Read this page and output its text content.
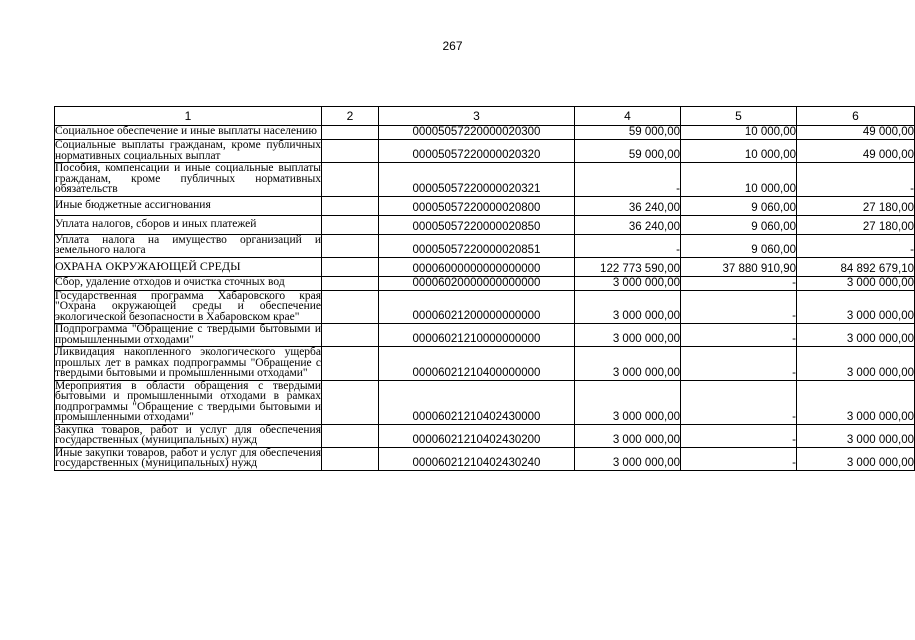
267
1	2	3	4	5	6
Социальное обеспечение и иные выплаты населению		00005057220000020300	59 000,00	10 000,00	49 000,00
Социальные выплаты гражданам, кроме публичных нормативных социальных выплат		00005057220000020320	59 000,00	10 000,00	49 000,00
Пособия, компенсации и иные социальные выплаты гражданам, кроме публичных нормативных обязательств		00005057220000020321	-	10 000,00	-
Иные бюджетные ассигнования		00005057220000020800	36 240,00	9 060,00	27 180,00
Уплата налогов, сборов и иных платежей		00005057220000020850	36 240,00	9 060,00	27 180,00
Уплата налога на имущество организаций и земельного налога		00005057220000020851	-	9 060,00	-
ОХРАНА ОКРУЖАЮЩЕЙ СРЕДЫ		00006000000000000000	122 773 590,00	37 880 910,90	84 892 679,10
Сбор, удаление отходов и очистка сточных вод		00006020000000000000	3 000 000,00	-	3 000 000,00
Государственная программа Хабаровского края "Охрана окружающей среды и обеспечение экологической безопасности в Хабаровском крае"		00006021200000000000	3 000 000,00	-	3 000 000,00
Подпрограмма "Обращение с твердыми бытовыми и промышленными отходами"		00006021210000000000	3 000 000,00	-	3 000 000,00
Ликвидация накопленного экологического ущерба прошлых лет в рамках подпрограммы "Обращение с твердыми бытовыми и промышленными отходами"		00006021210400000000	3 000 000,00	-	3 000 000,00
Мероприятия в области обращения с твердыми бытовыми и промышленными отходами в рамках подпрограммы "Обращение с твердыми бытовыми и промышленными отходами"		00006021210402430000	3 000 000,00	-	3 000 000,00
Закупка товаров, работ и услуг для обеспечения государственных (муниципальных) нужд		00006021210402430200	3 000 000,00	-	3 000 000,00
Иные закупки товаров, работ и услуг для обеспечения государственных (муниципальных) нужд		00006021210402430240	3 000 000,00	-	3 000 000,00
